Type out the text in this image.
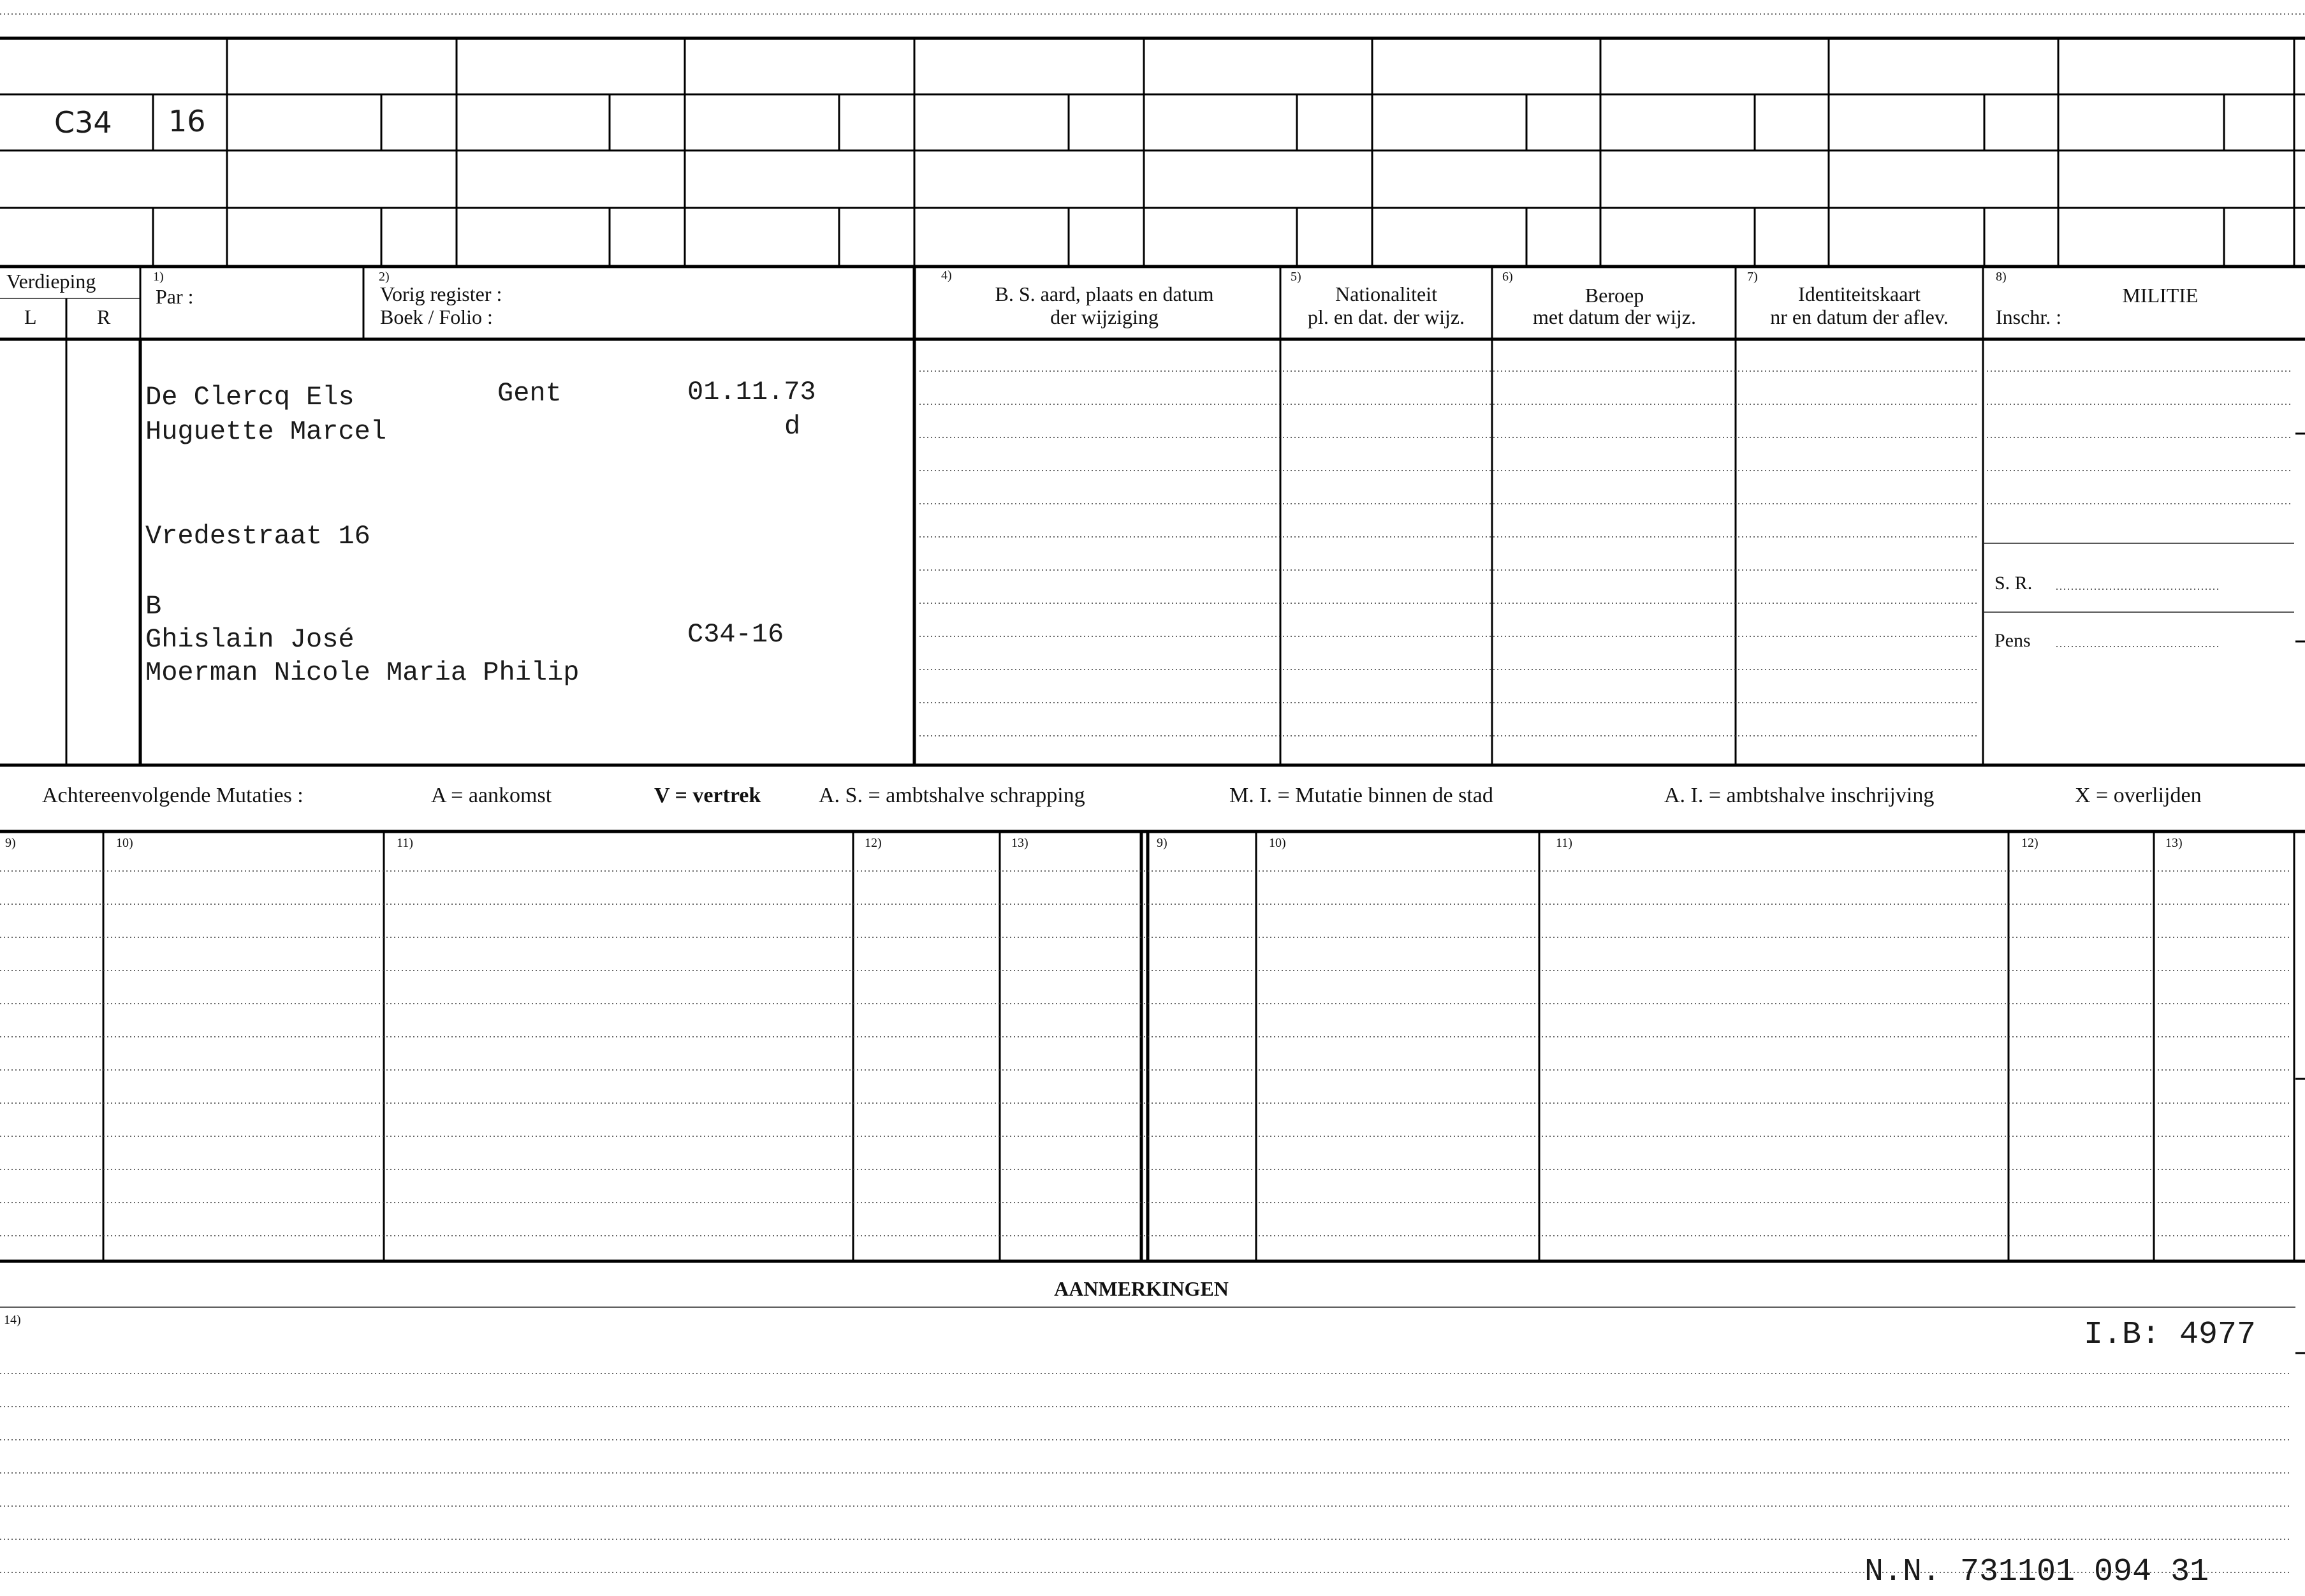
C34 16
Verdieping
L	R
1)
Par :
2)
Vorig register :
Boek / Folio :
4)
B. S. aard, plaats en datum
der wijziging
5)
Nationaliteit
pl. en dat. der wijz.
6)
Beroep
met datum der wijz.
7)
Identiteitskaart
nr en datum der aflev.
8)
MILITIE
Inschr. :
De Clercq Els	Gent	01.11.73
Huguette Marcel	d
Vredestraat 16
B
Ghislain José	C34-16
Moerman Nicole Maria Philip
S. R.
Pens
Achtereenvolgende Mutaties :	A = aankomst	V = vertrek	A. S. = ambtshalve schrapping	M. I. = Mutatie binnen de stad	A. I. = ambtshalve inschrijving	X = overlijden
9)	10)	11)	12)	13)	9)	10)	11)	12)	13)
AANMERKINGEN
14)	I.B: 4977
N.N. 731101 094 31
